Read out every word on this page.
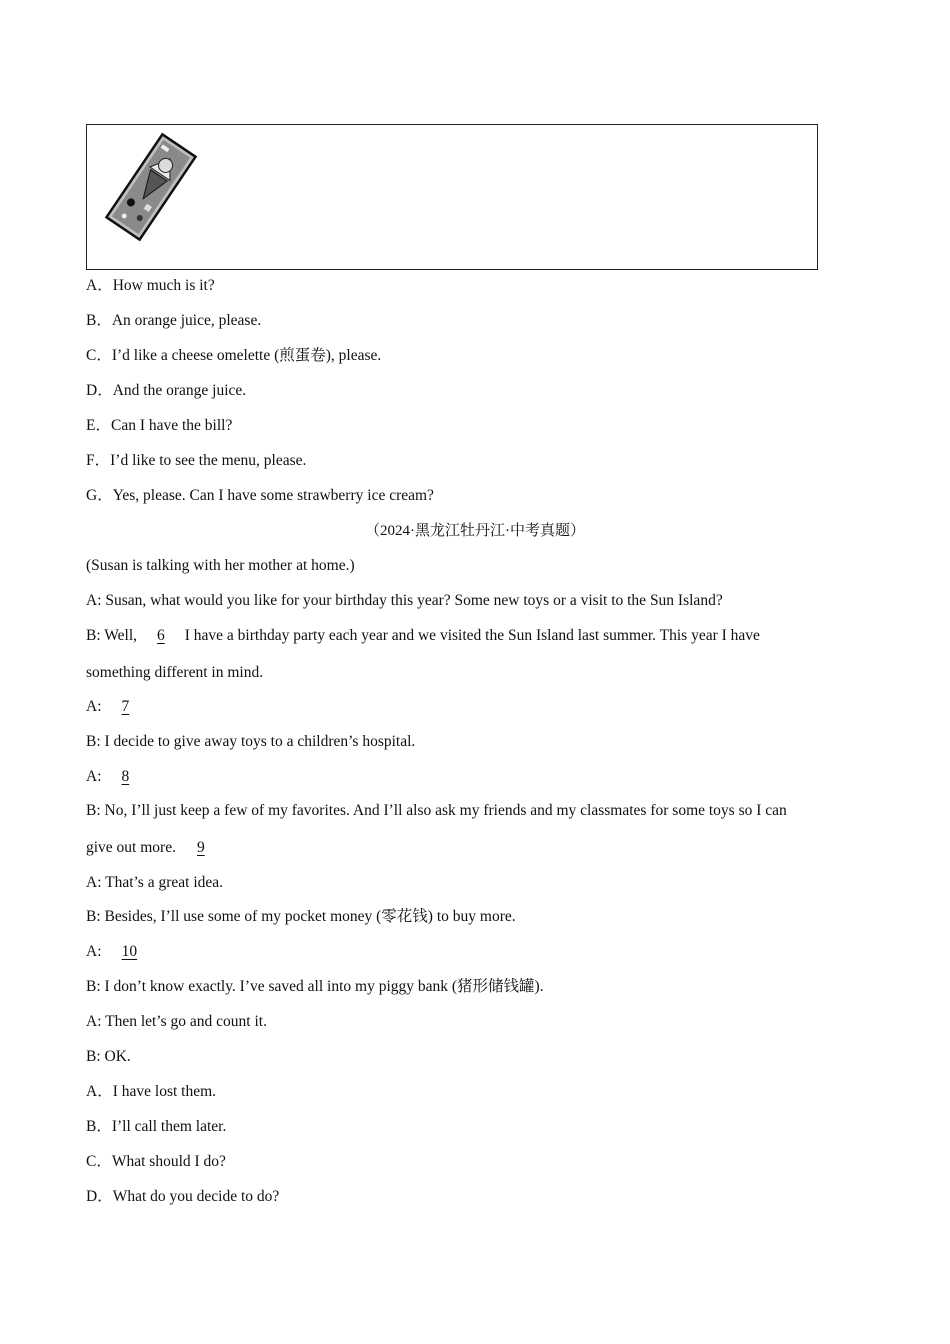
A．How much is it?
B．An orange juice, please.
C．I’d like a cheese omelette (煎蛋卷), please.
D．And the orange juice.
E．Can I have the bill?
F．I’d like to see the menu, please.
G．Yes, please. Can I have some strawberry ice cream?
（2024·黑龙江牡丹江·中考真题）
(Susan is talking with her mother at home.)
A: Susan, what would you like for your birthday this year? Some new toys or a visit to the Sun Island?
B: Well, 6 I have a birthday party each year and we visited the Sun Island last summer. This year I have
something different in mind.
A: 7
B: I decide to give away toys to a children’s hospital.
A: 8
B: No, I’ll just keep a few of my favorites. And I’ll also ask my friends and my classmates for some toys so I can
give out more. 9
A: That’s a great idea.
B: Besides, I’ll use some of my pocket money (零花钱) to buy more.
A: 10
B: I don’t know exactly. I’ve saved all into my piggy bank (猪形储钱罐).
A: Then let’s go and count it.
B: OK.
A．I have lost them.
B．I’ll call them later.
C．What should I do?
D．What do you decide to do?
